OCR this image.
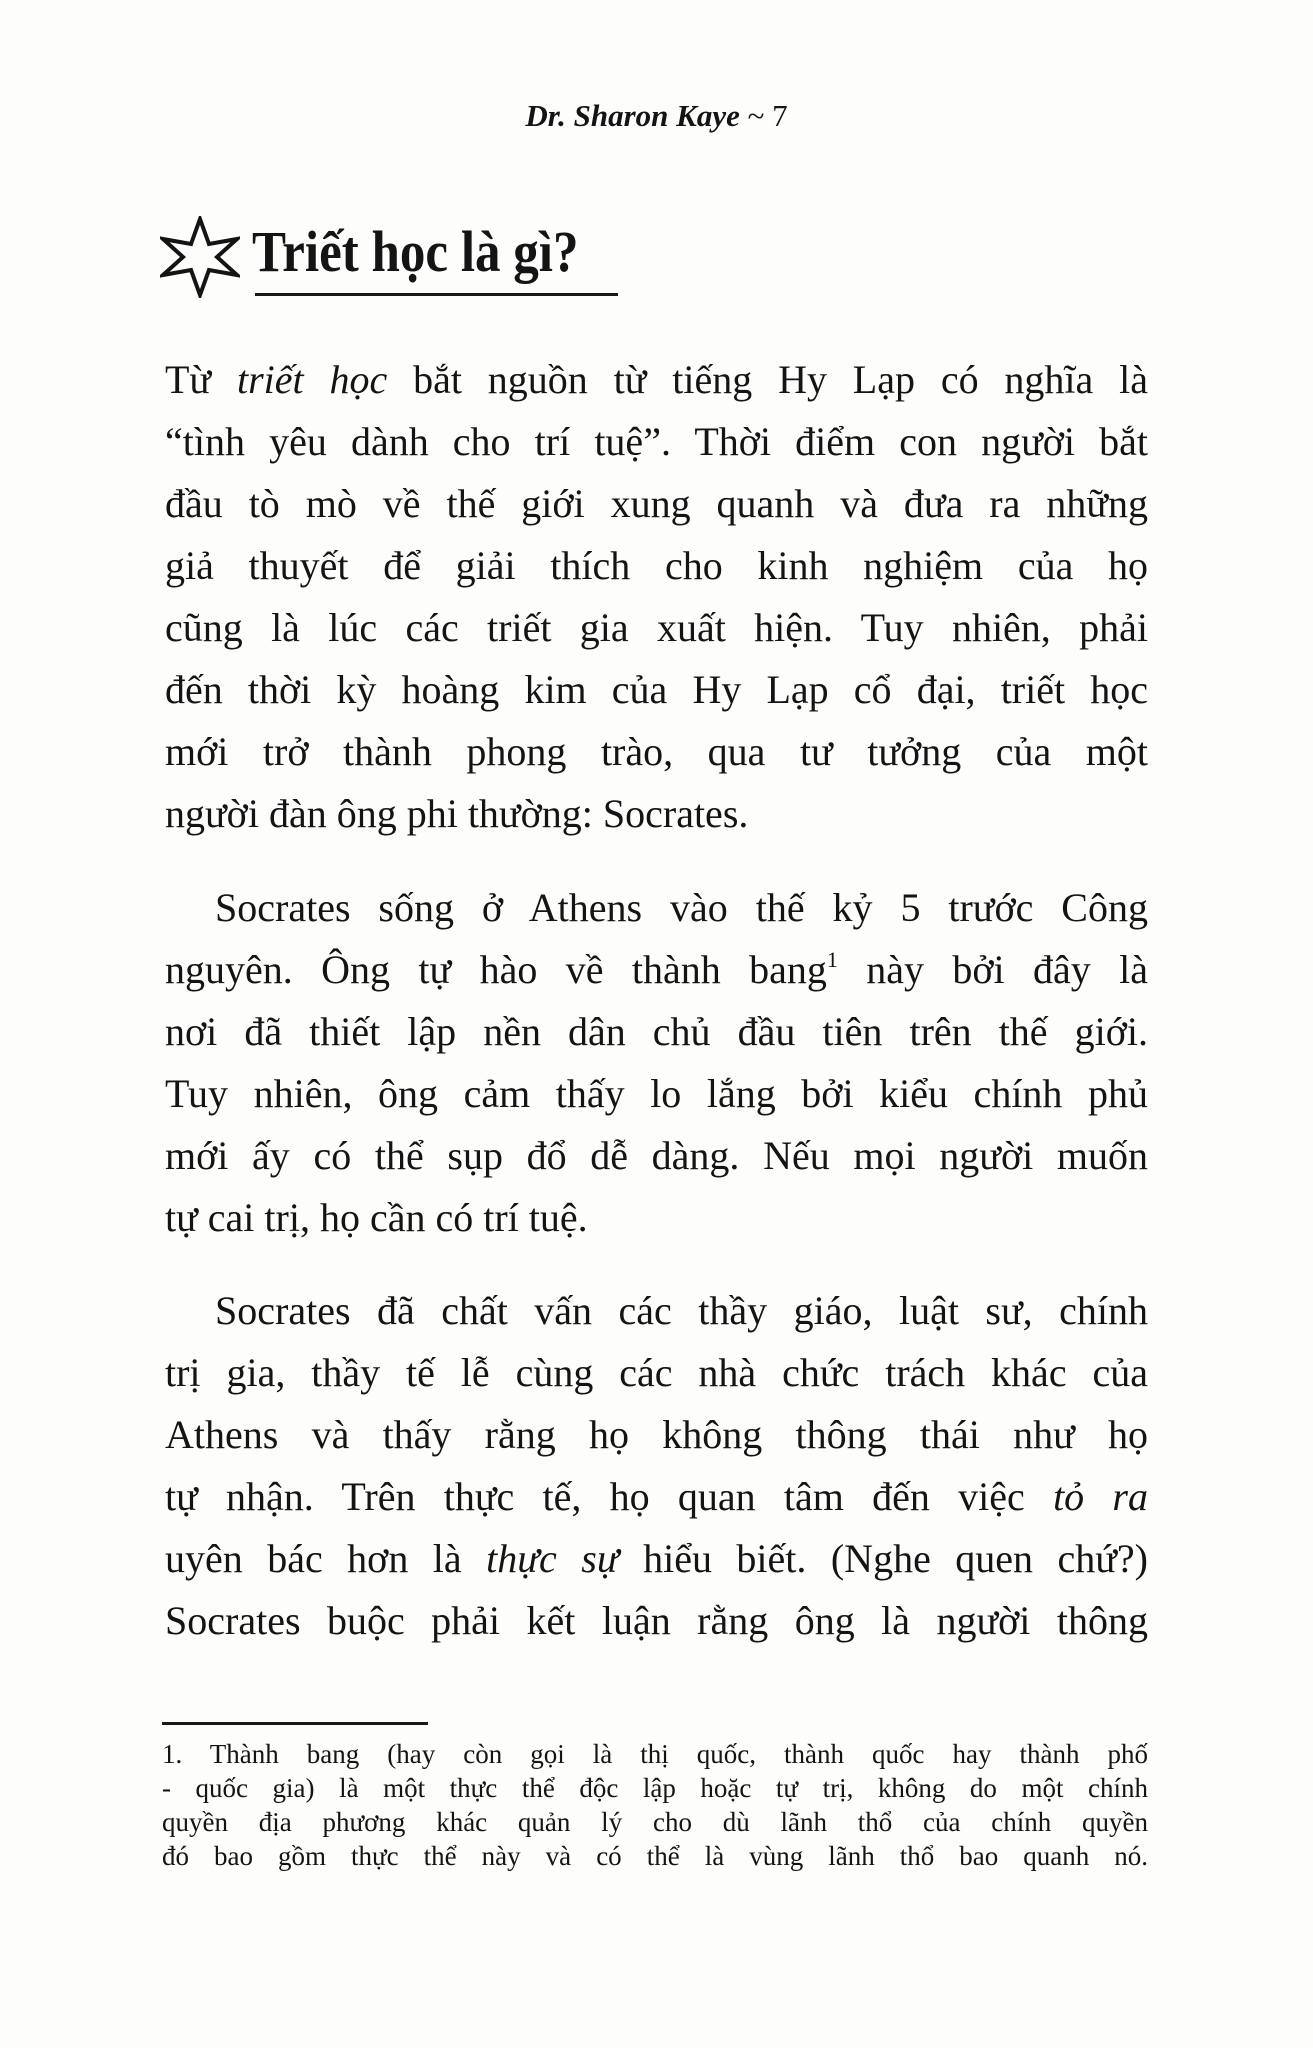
Dr. Sharon Kaye ~ 7
Triết học là gì?
Từ triết học bắt nguồn từ tiếng Hy Lạp có nghĩa là
“tình yêu dành cho trí tuệ”. Thời điểm con người bắt
đầu tò mò về thế giới xung quanh và đưa ra những
giả thuyết để giải thích cho kinh nghiệm của họ
cũng là lúc các triết gia xuất hiện. Tuy nhiên, phải
đến thời kỳ hoàng kim của Hy Lạp cổ đại, triết học
mới trở thành phong trào, qua tư tưởng của một
người đàn ông phi thường: Socrates.
Socrates sống ở Athens vào thế kỷ 5 trước Công
nguyên. Ông tự hào về thành bang$^1$ này bởi đây là
nơi đã thiết lập nền dân chủ đầu tiên trên thế giới.
Tuy nhiên, ông cảm thấy lo lắng bởi kiểu chính phủ
mới ấy có thể sụp đổ dễ dàng. Nếu mọi người muốn
tự cai trị, họ cần có trí tuệ.
Socrates đã chất vấn các thầy giáo, luật sư, chính
trị gia, thầy tế lễ cùng các nhà chức trách khác của
Athens và thấy rằng họ không thông thái như họ
tự nhận. Trên thực tế, họ quan tâm đến việc tỏ ra
uyên bác hơn là thực sự hiểu biết. (Nghe quen chứ?)
Socrates buộc phải kết luận rằng ông là người thông
1. Thành bang (hay còn gọi là thị quốc, thành quốc hay thành phố
- quốc gia) là một thực thể độc lập hoặc tự trị, không do một chính
quyền địa phương khác quản lý cho dù lãnh thổ của chính quyền
đó bao gồm thực thể này và có thể là vùng lãnh thổ bao quanh nó.
